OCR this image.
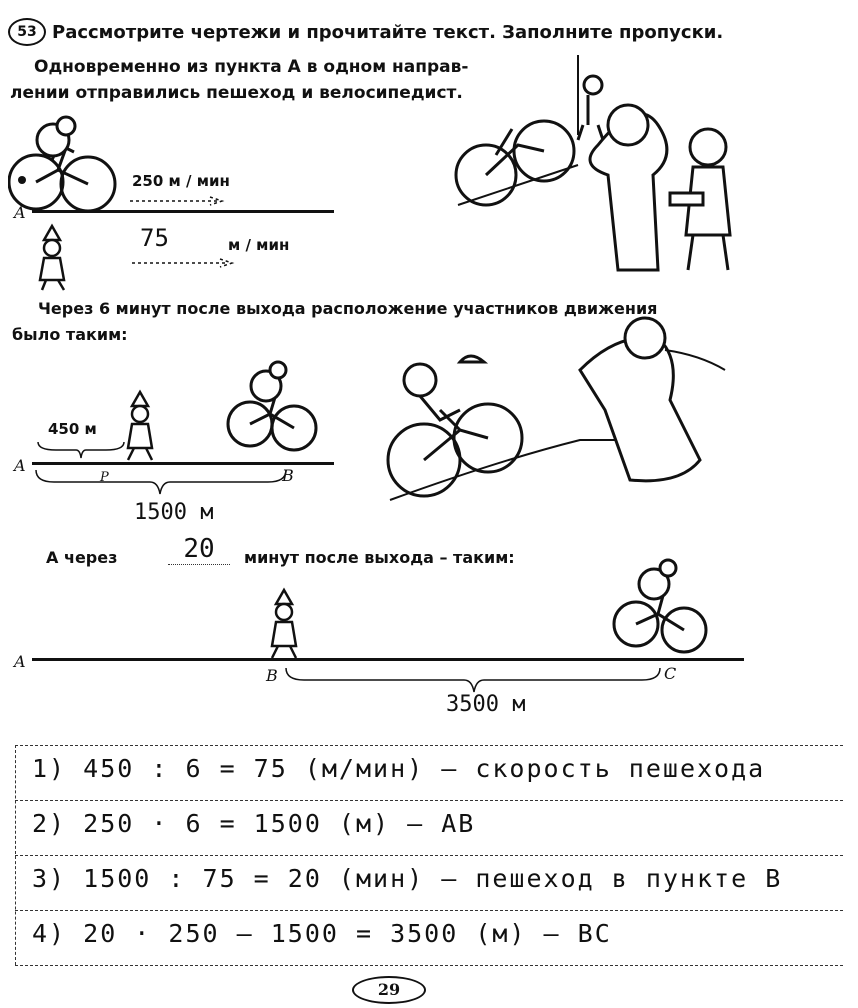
53 Рассмотрите чертежи и прочитайте текст. Заполните пропуски.
Одновременно из пункта А в одном направ-
лении отправились пешеход и велосипедист.
A
250 м / мин
75	м / мин
Через 6 минут после выхода расположение участников движения
было таким:
450 м
A
P	B
1500 м
А через	20	минут после выхода – таким:
A
B	C
3500 м
1) 450 : 6 = 75 (м/мин) – скорость пешехода
2) 250 · 6 = 1500 (м) – AB
3) 1500 : 75 = 20 (мин) – пешеход в пункте B
4) 20 · 250 – 1500 = 3500 (м) – BC
29
